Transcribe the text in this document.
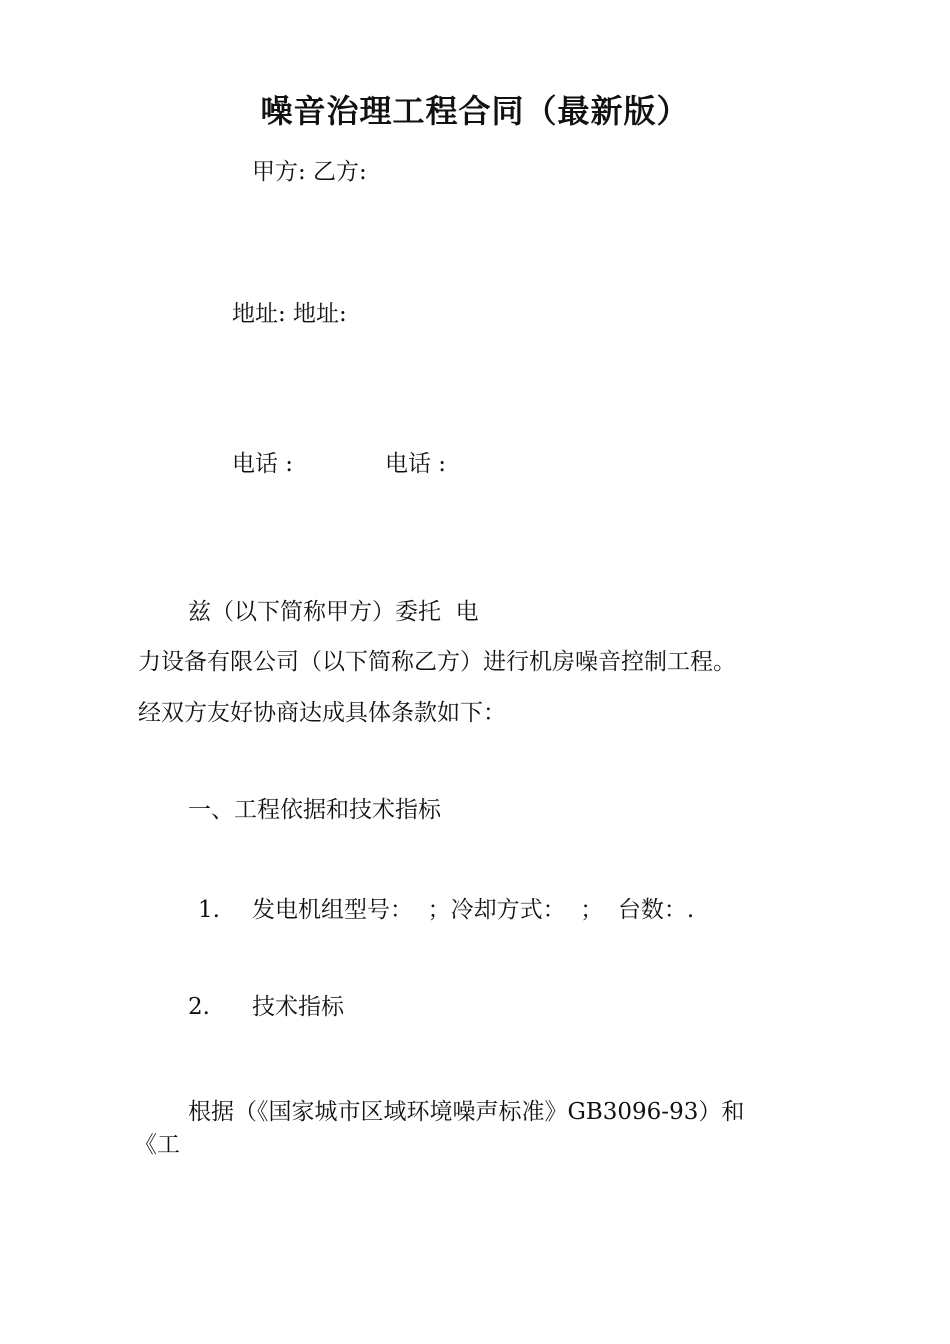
噪音治理工程合同（最新版）
甲方: 乙方:
地址: 地址:
电话 :	电话 :
兹（以下简称甲方）委托  电
力设备有限公司（以下简称乙方）进行机房噪音控制工程。
经双方友好协商达成具体条款如下：
一、工程依据和技术指标
1. 发电机组型号：  ；冷却方式：  ；  台数：.
2. 技术指标
根据（《国家城市区域环境噪声标准》GB3096-93）和
《工
